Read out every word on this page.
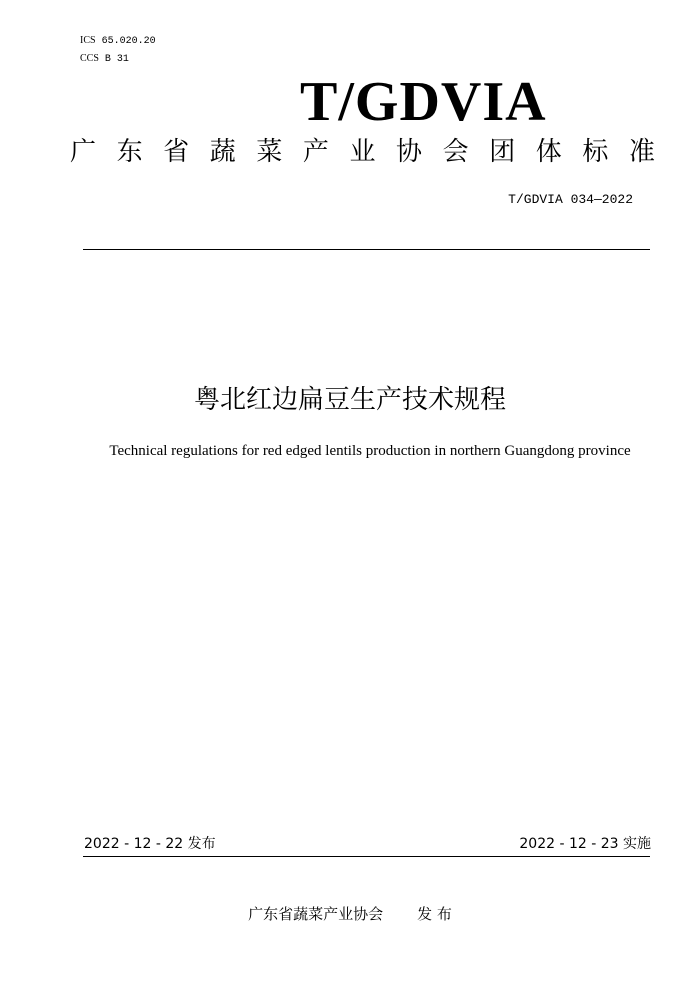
ICS 65.020.20
CCS B 31
T/GDVIA
广 东 省 蔬 菜 产 业 协 会 团 体 标 准
T/GDVIA 034—2022
粤北红边扁豆生产技术规程
Technical regulations for red edged lentils production in northern Guangdong province
2022 - 12 - 22 发布	2022 - 12 - 23 实施
广东省蔬菜产业协会 发 布
